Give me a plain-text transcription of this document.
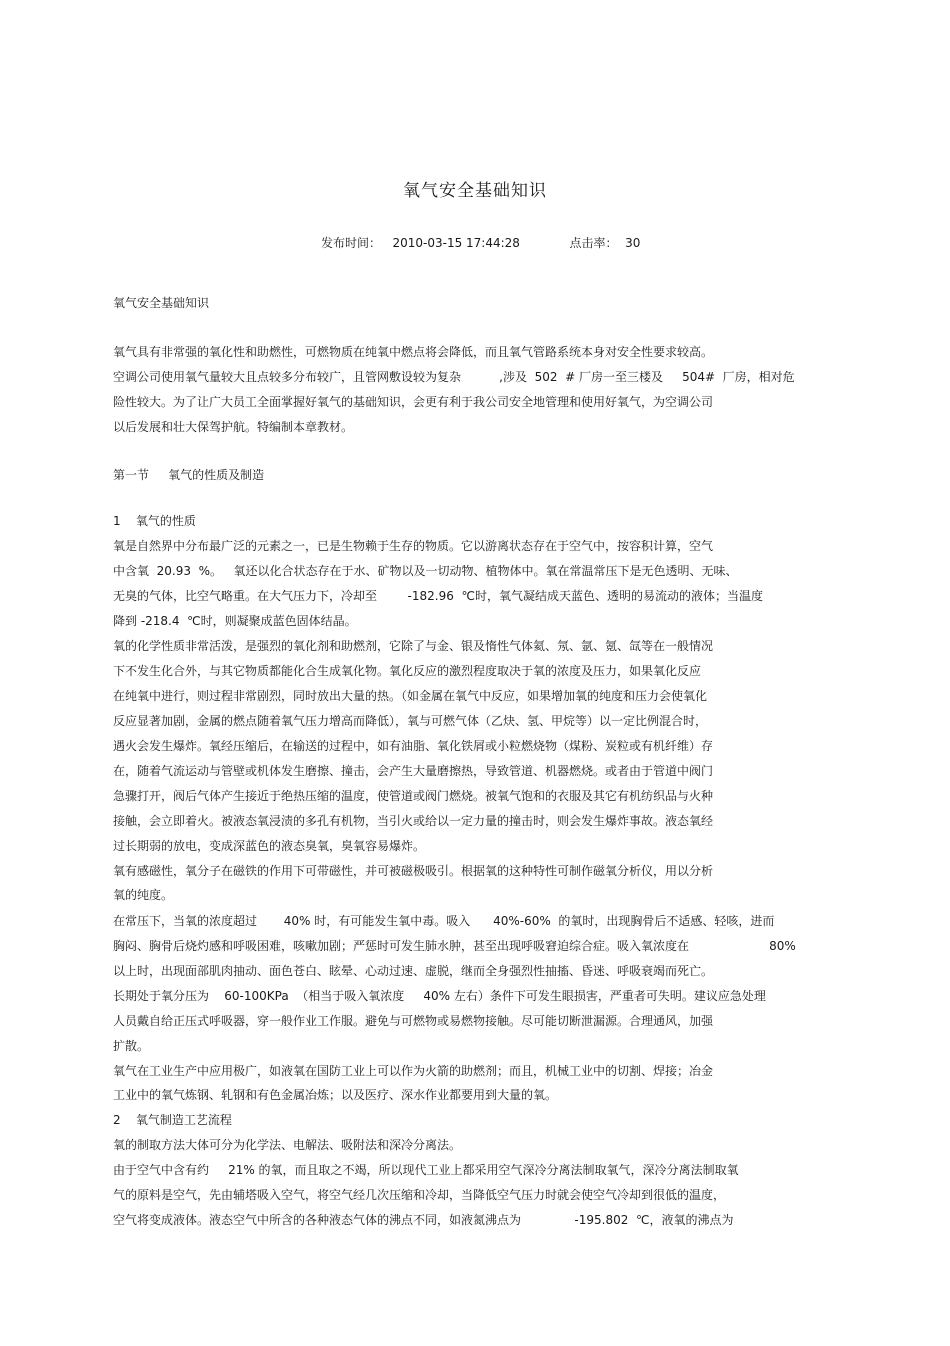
氧气安全基础知识
发布时间： 2010-03-15 17:44:28	点击率： 30
氧气安全基础知识
氧气具有非常强的氧化性和助燃性，可燃物质在纯氧中燃点将会降低，而且氧气管路系统本身对安全性要求较高。
空调公司使用氧气量较大且点较多分布较广，且管网敷设较为复杂          ,涉及  502  # 厂房一至三楼及     504#  厂房，相对危
险性较大。为了让广大员工全面掌握好氧气的基础知识，会更有利于我公司安全地管理和使用好氧气，为空调公司
以后发展和壮大保驾护航。特编制本章教材。
第一节     氧气的性质及制造
1    氧气的性质
氧是自然界中分布最广泛的元素之一，已是生物赖于生存的物质。它以游离状态存在于空气中，按容积计算，空气
中含氧  20.93  %。   氧还以化合状态存在于水、矿物以及一切动物、植物体中。氧在常温常压下是无色透明、无味、
无臭的气体，比空气略重。在大气压力下，冷却至        -182.96  ℃时，氧气凝结成天蓝色、透明的易流动的液体；当温度
降到 -218.4  ℃时，则凝聚成蓝色固体结晶。
氧的化学性质非常活泼，是强烈的氧化剂和助燃剂，它除了与金、银及惰性气体氦、氖、氩、氪、氙等在一般情况
下不发生化合外，与其它物质都能化合生成氧化物。氧化反应的激烈程度取决于氧的浓度及压力，如果氧化反应
在纯氧中进行，则过程非常剧烈，同时放出大量的热。（如金属在氧气中反应，如果增加氧的纯度和压力会使氧化
反应显著加剧，金属的燃点随着氧气压力增高而降低），氧与可燃气体（乙炔、氢、甲烷等）以一定比例混合时，
遇火会发生爆炸。氧经压缩后，在输送的过程中，如有油脂、氧化铁屑或小粒燃烧物（煤粉、炭粒或有机纤维）存
在，随着气流运动与管壁或机体发生磨擦、撞击，会产生大量磨擦热，导致管道、机器燃烧。或者由于管道中阀门
急骤打开，阀后气体产生接近于绝热压缩的温度，使管道或阀门燃烧。被氧气饱和的衣服及其它有机纺织品与火种
接触，会立即着火。被液态氧浸渍的多孔有机物，当引火或给以一定力量的撞击时，则会发生爆炸事故。液态氧经
过长期弱的放电，变成深蓝色的液态臭氧，臭氧容易爆炸。
氧有感磁性，氧分子在磁铁的作用下可带磁性，并可被磁极吸引。根据氧的这种特性可制作磁氧分析仪，用以分析
氧的纯度。
在常压下，当氧的浓度超过       40% 时，有可能发生氧中毒。吸入      40%-60%  的氧时，出现胸骨后不适感、轻咳，进而
胸闷、胸骨后烧灼感和呼吸困难，咳嗽加剧；严惩时可发生肺水肿，甚至出现呼吸窘迫综合症。吸入氧浓度在                     80%
以上时，出现面部肌肉抽动、面色苍白、眩晕、心动过速、虚脱，继而全身强烈性抽搐、昏迷、呼吸衰竭而死亡。
长期处于氧分压为    60-100KPa  （相当于吸入氧浓度     40% 左右）条件下可发生眼损害，严重者可失明。建议应急处理
人员戴自给正压式呼吸器，穿一般作业工作服。避免与可燃物或易燃物接触。尽可能切断泄漏源。合理通风，加强
扩散。
氧气在工业生产中应用极广，如液氧在国防工业上可以作为火箭的助燃剂；而且，机械工业中的切割、焊接；冶金
工业中的氧气炼钢、轧钢和有色金属冶炼；以及医疗、深水作业都要用到大量的氧。
2    氧气制造工艺流程
氧的制取方法大体可分为化学法、电解法、吸附法和深冷分离法。
由于空气中含有约     21% 的氧，而且取之不竭，所以现代工业上都采用空气深冷分离法制取氧气，深冷分离法制取氧
气的原料是空气，先由辅塔吸入空气，将空气经几次压缩和冷却，当降低空气压力时就会使空气冷却到很低的温度，
空气将变成液体。液态空气中所含的各种液态气体的沸点不同，如液氮沸点为              -195.802  ℃，液氧的沸点为
